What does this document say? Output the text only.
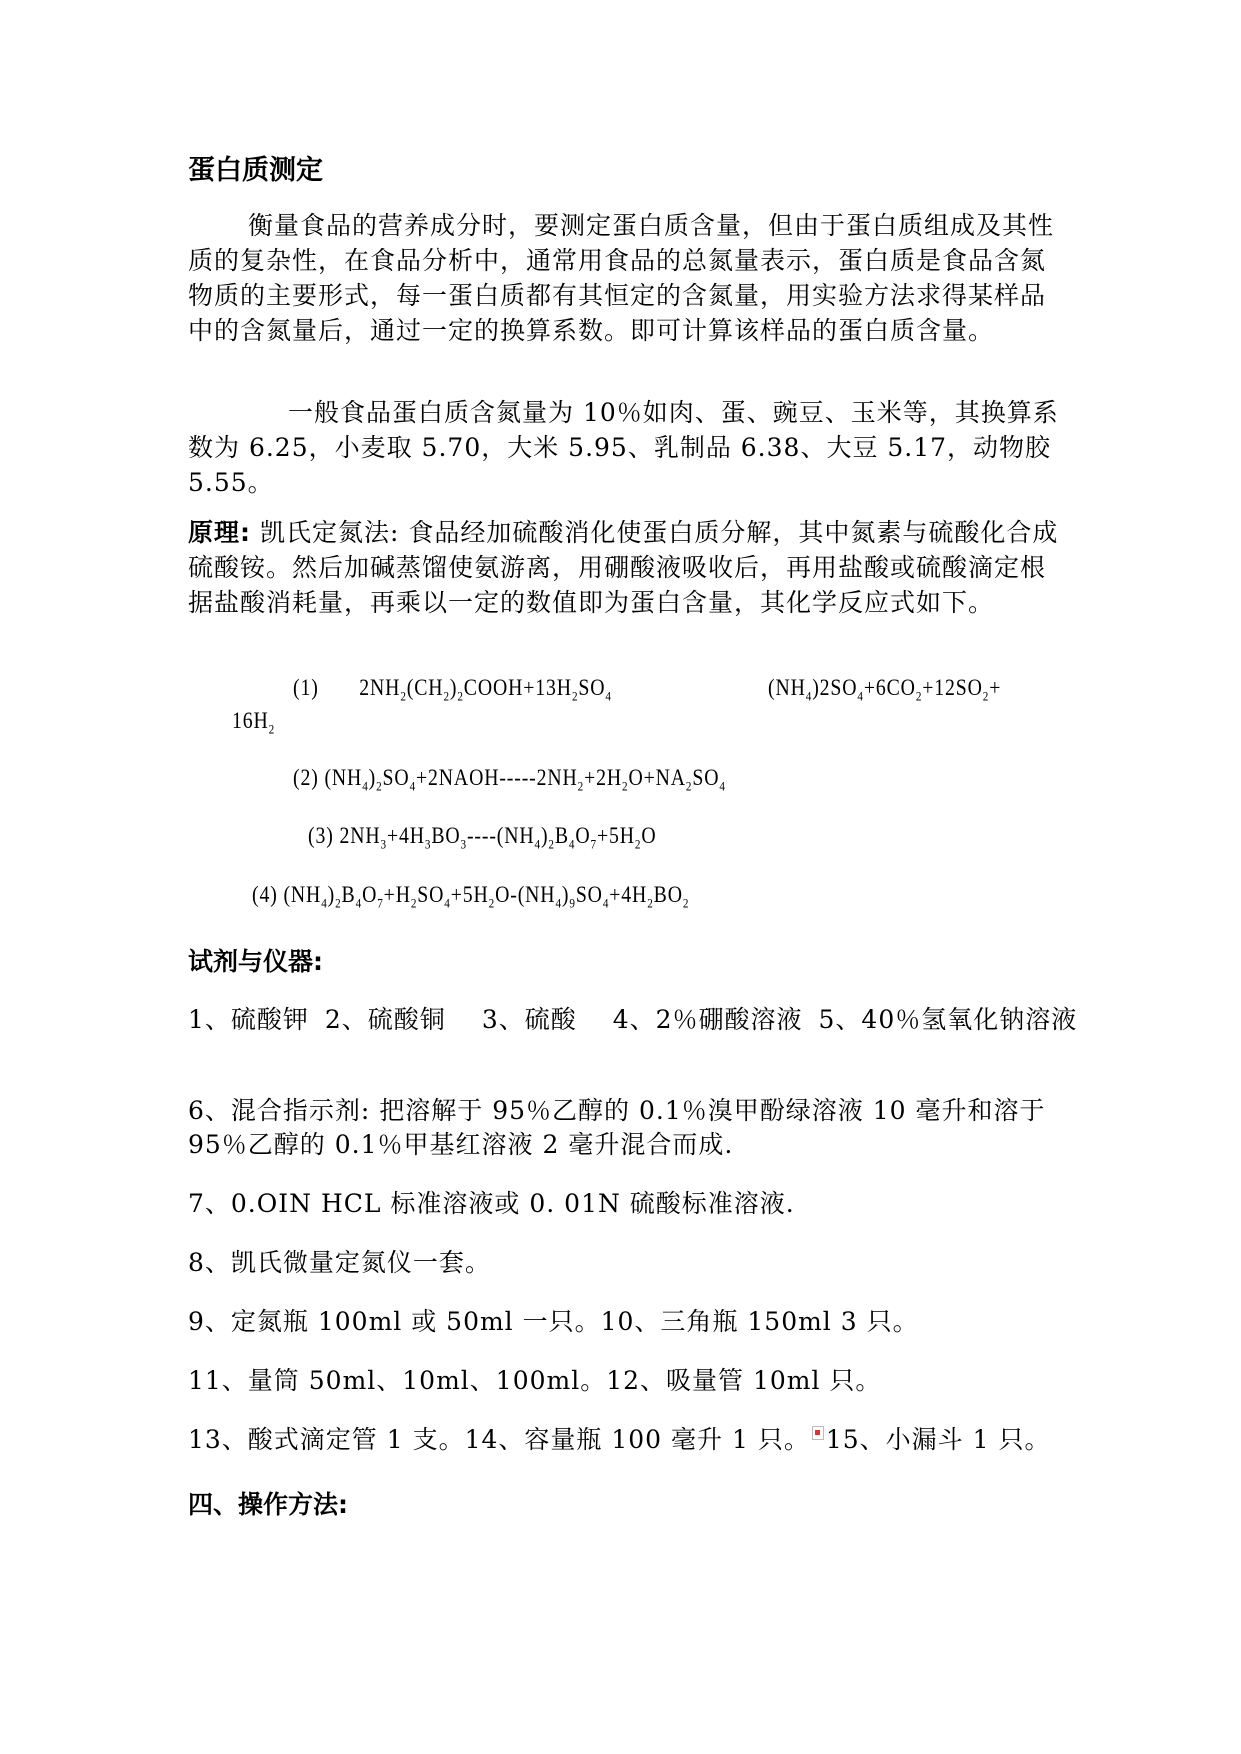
蛋白质测定
衡量食品的营养成分时，要测定蛋白质含量，但由于蛋白质组成及其性质的复杂性，在食品分析中，通常用食品的总氮量表示，蛋白质是食品含氮物质的主要形式，每一蛋白质都有其恒定的含氮量，用实验方法求得某样品中的含氮量后，通过一定的换算系数。即可计算该样品的蛋白质含量。
一般食品蛋白质含氮量为 10％如肉、蛋、豌豆、玉米等，其换算系数为 6.25，小麦取 5.70，大米 5.95、乳制品 6.38、大豆 5.17，动物胶 5.55。
原理: 凯氏定氮法: 食品经加硫酸消化使蛋白质分解，其中氮素与硫酸化合成硫酸铵。然后加碱蒸馏使氨游离，用硼酸液吸收后，再用盐酸或硫酸滴定根据盐酸消耗量，再乘以一定的数值即为蛋白含量，其化学反应式如下。
(1)       $2NH_2(CH_2)_2COOH+13H_2SO_4$	$(NH_4)2SO_4+6CO_2+12SO_2+$
$16H_2$
(2) $(NH_4)_2SO_4+2NAOH-----2NH_2+2H_2O+NA_2SO_4$
(3) $2NH_3+4H_3BO_3----(NH_4)_2B_4O_7+5H_2O$
(4) $(NH_4)_2B_4O_7+H_2SO_4+5H_2O-(NH_4)_9SO_4+4H_2BO_2$
试剂与仪器:
1、硫酸钾 2、硫酸铜 3、硫酸 4、2％硼酸溶液 5、40％氢氧化钠溶液
6、混合指示剂: 把溶解于 95％乙醇的 0.1％溴甲酚绿溶液 10 毫升和溶于 95％乙醇的 0.1％甲基红溶液 2 毫升混合而成.
7、0.OIN HCL 标准溶液或 0. 01N 硫酸标准溶液.
8、凯氏微量定氮仪一套。
9、定氮瓶 100ml 或 50ml 一只。10、三角瓶 150ml 3 只。
11、量筒 50ml、10ml、100ml。12、吸量管 10ml 只。
13、酸式滴定管 1 支。14、容量瓶 100 毫升 1 只。 15、小漏斗 1 只。
四、操作方法:
